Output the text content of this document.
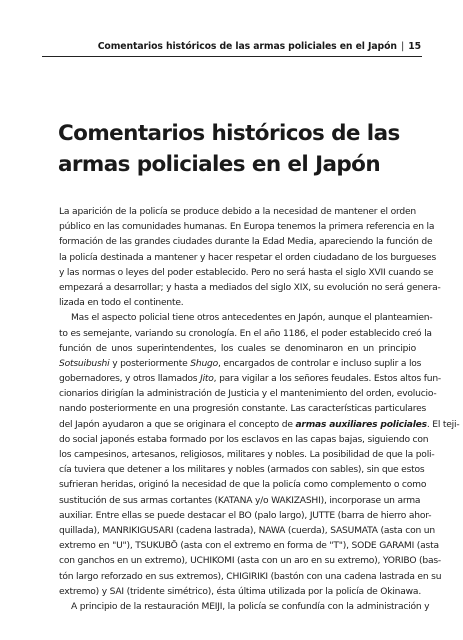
Comentarios históricos de las armas policiales en el Japón | 15
Comentarios históricos de las
armas policiales en el Japón
La aparición de la policía se produce debido a la necesidad de mantener el orden
público en las comunidades humanas. En Europa tenemos la primera referencia en la
formación de las grandes ciudades durante la Edad Media, apareciendo la función de
la policía destinada a mantener y hacer respetar el orden ciudadano de los burgueses
y las normas o leyes del poder establecido. Pero no será hasta el siglo XVII cuando se
empezará a desarrollar; y hasta a mediados del siglo XIX, su evolución no será genera-
lizada en todo el continente.
Mas el aspecto policial tiene otros antecedentes en Japón, aunque el planteamien-
to es semejante, variando su cronología. En el año 1186, el poder establecido creó la
función de unos superintendentes, los cuales se denominaron en un principio
Sotsuibushi y posteriormente Shugo, encargados de controlar e incluso suplir a los
gobernadores, y otros llamados Jito, para vigilar a los señores feudales. Estos altos fun-
cionarios dirigían la administración de Justicia y el mantenimiento del orden, evolucio-
nando posteriormente en una progresión constante. Las características particulares
del Japón ayudaron a que se originara el concepto de armas auxiliares policiales. El teji-
do social japonés estaba formado por los esclavos en las capas bajas, siguiendo con
los campesinos, artesanos, religiosos, militares y nobles. La posibilidad de que la poli-
cía tuviera que detener a los militares y nobles (armados con sables), sin que estos
sufrieran heridas, originó la necesidad de que la policía como complemento o como
sustitución de sus armas cortantes (KATANA y/o WAKIZASHI), incorporase un arma
auxiliar. Entre ellas se puede destacar el BO (palo largo), JUTTE (barra de hierro ahor-
quillada), MANRIKIGUSARI (cadena lastrada), NAWA (cuerda), SASUMATA (asta con un
extremo en "U"), TSUKUBŌ (asta con el extremo en forma de "T"), SODE GARAMI (asta
con ganchos en un extremo), UCHIKOMI (asta con un aro en su extremo), YORIBO (bas-
tón largo reforzado en sus extremos), CHIGIRIKI (bastón con una cadena lastrada en su
extremo) y SAI (tridente simétrico), ésta última utilizada por la policía de Okinawa.
A principio de la restauración MEIJI, la policía se confundía con la administración y
